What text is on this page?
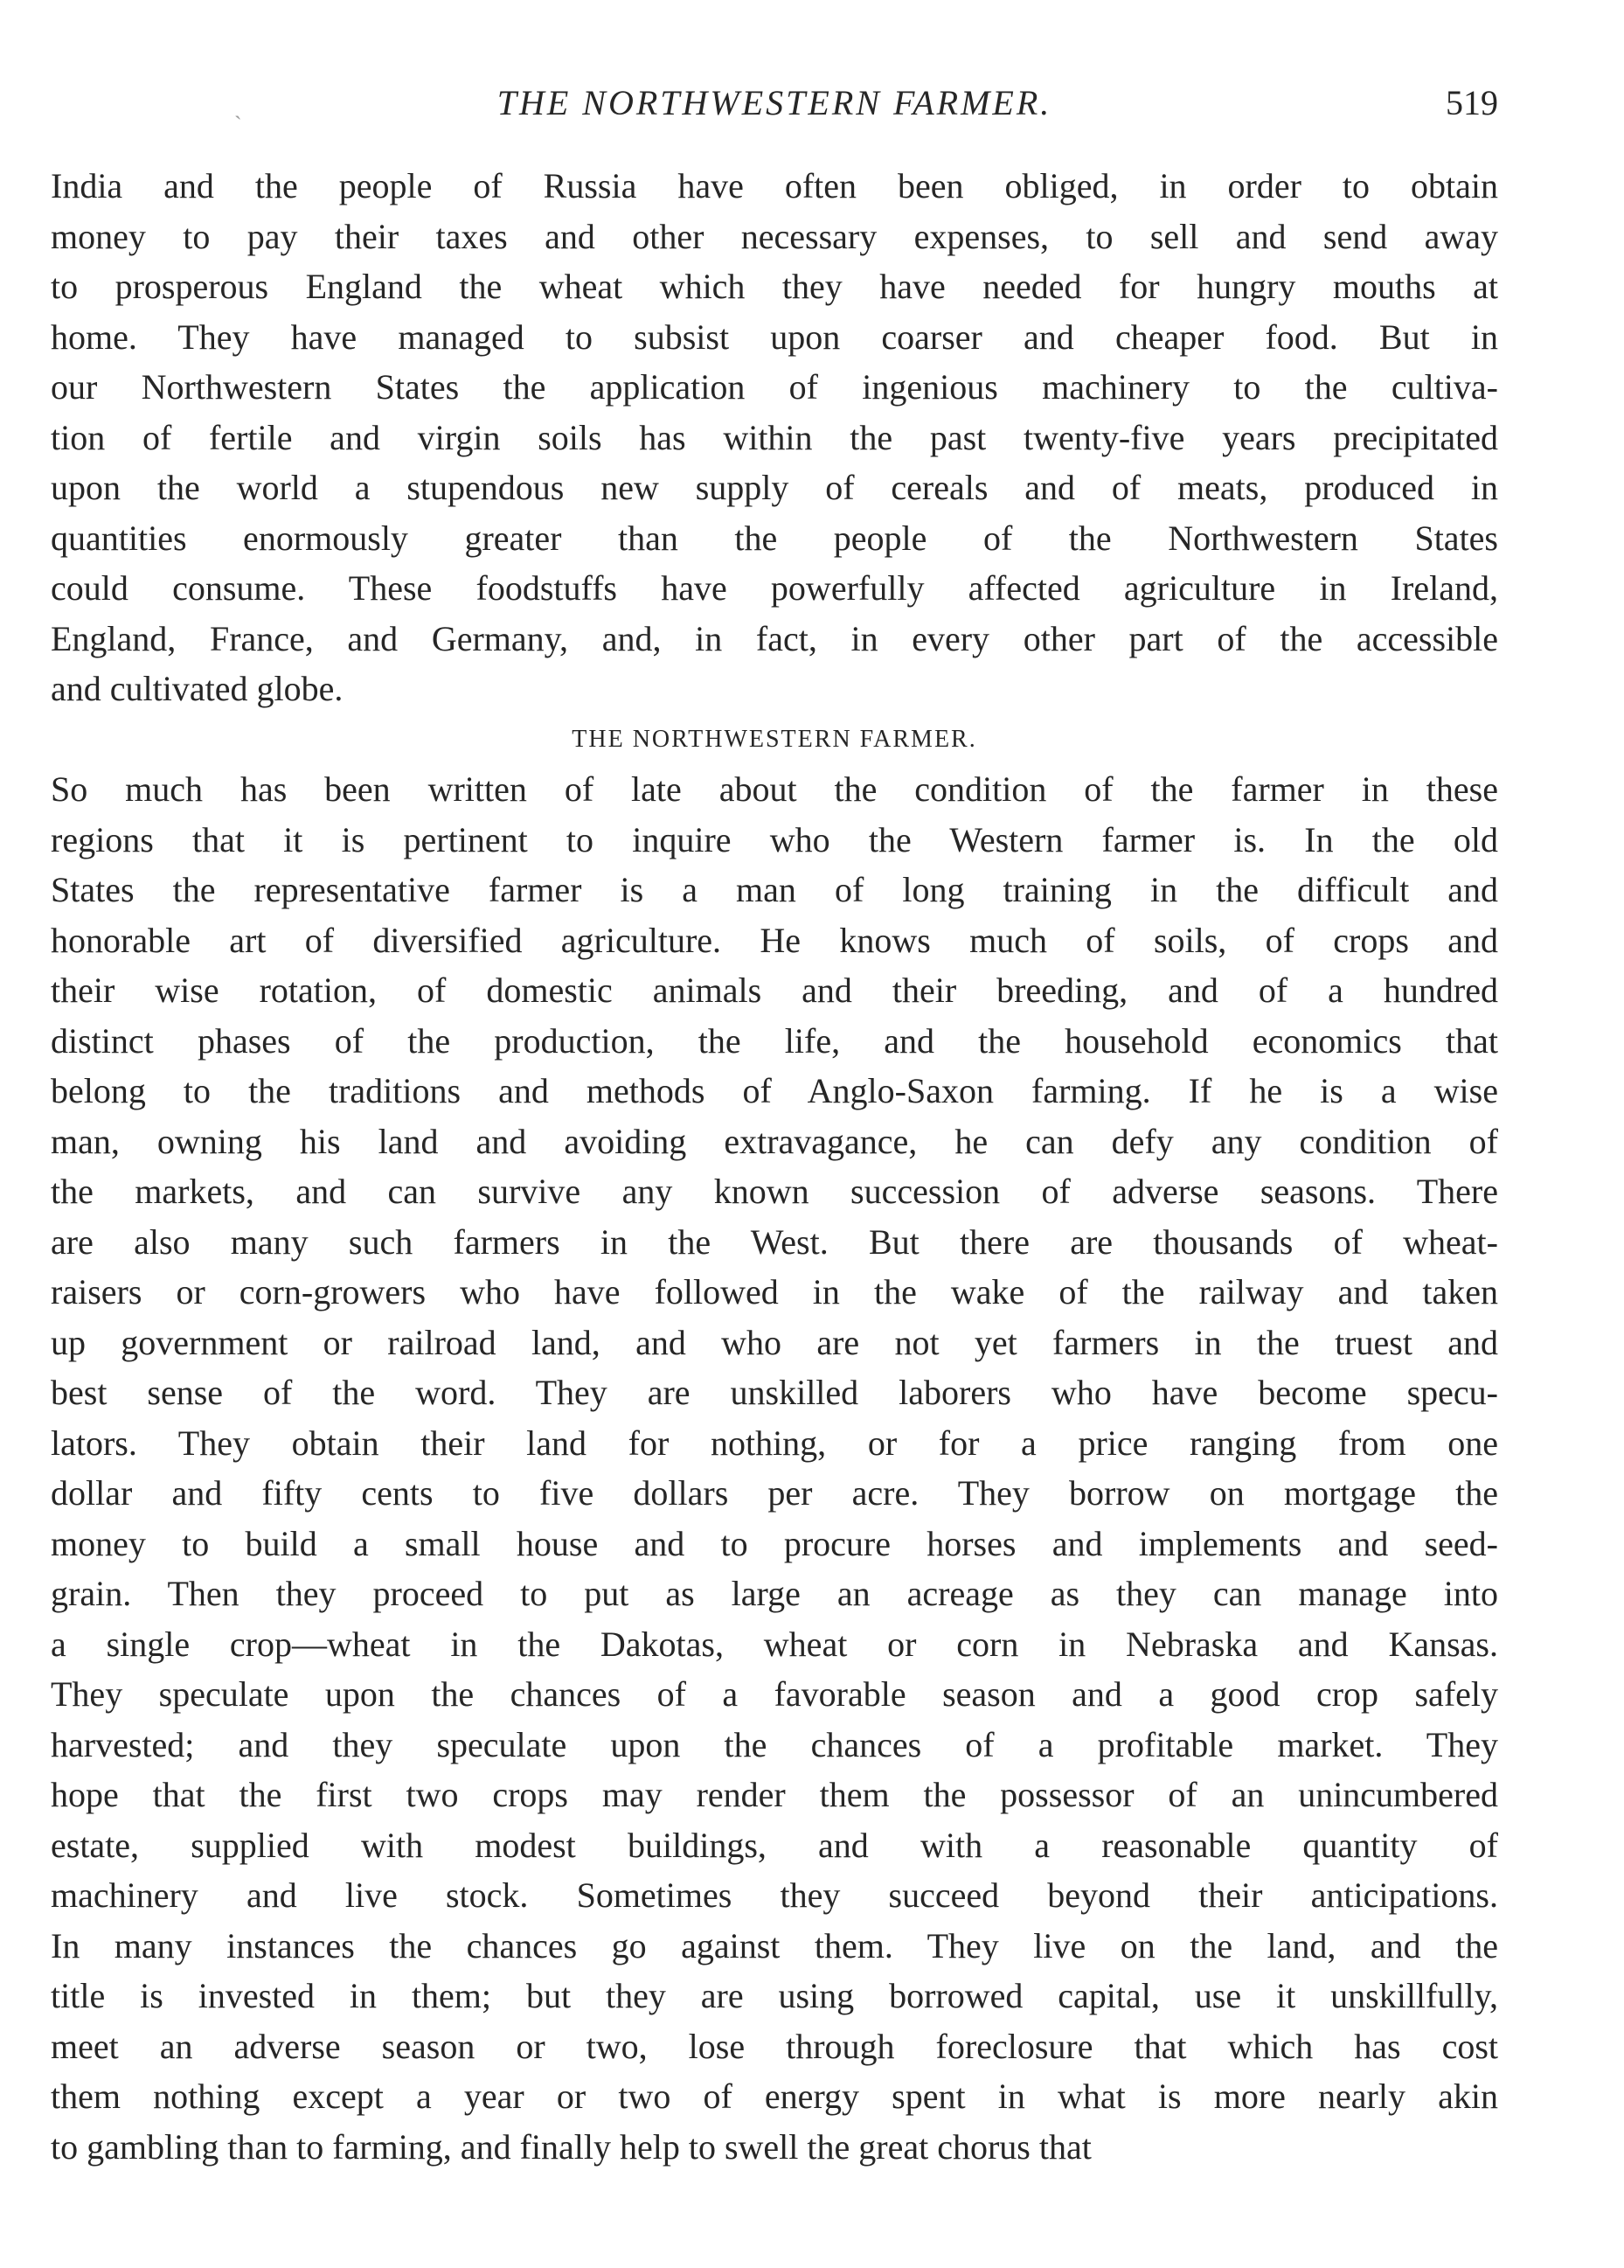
THE NORTHWESTERN FARMER.	519
ˎ
India and the people of Russia have often been obliged, in order to obtain
money to pay their taxes and other necessary expenses, to sell and send away
to prosperous England the wheat which they have needed for hungry mouths at
home. They have managed to subsist upon coarser and cheaper food. But in
our Northwestern States the application of ingenious machinery to the cultiva-
tion of fertile and virgin soils has within the past twenty-five years precipitated
upon the world a stupendous new supply of cereals and of meats, produced in
quantities enormously greater than the people of the Northwestern States
could consume. These foodstuffs have powerfully affected agriculture in Ireland,
England, France, and Germany, and, in fact, in every other part of the accessible
and cultivated globe.
THE NORTHWESTERN FARMER.
So much has been written of late about the condition of the farmer in these
regions that it is pertinent to inquire who the Western farmer is. In the old
States the representative farmer is a man of long training in the difficult and
honorable art of diversified agriculture. He knows much of soils, of crops and
their wise rotation, of domestic animals and their breeding, and of a hundred
distinct phases of the production, the life, and the household economics that
belong to the traditions and methods of Anglo-Saxon farming. If he is a wise
man, owning his land and avoiding extravagance, he can defy any condition of
the markets, and can survive any known succession of adverse seasons. There
are also many such farmers in the West. But there are thousands of wheat-
raisers or corn-growers who have followed in the wake of the railway and taken
up government or railroad land, and who are not yet farmers in the truest and
best sense of the word. They are unskilled laborers who have become specu-
lators. They obtain their land for nothing, or for a price ranging from one
dollar and fifty cents to five dollars per acre. They borrow on mortgage the
money to build a small house and to procure horses and implements and seed-
grain. Then they proceed to put as large an acreage as they can manage into
a single crop—wheat in the Dakotas, wheat or corn in Nebraska and Kansas.
They speculate upon the chances of a favorable season and a good crop safely
harvested; and they speculate upon the chances of a profitable market. They
hope that the first two crops may render them the possessor of an unincumbered
estate, supplied with modest buildings, and with a reasonable quantity of
machinery and live stock. Sometimes they succeed beyond their anticipations.
In many instances the chances go against them. They live on the land, and the
title is invested in them; but they are using borrowed capital, use it unskillfully,
meet an adverse season or two, lose through foreclosure that which has cost
them nothing except a year or two of energy spent in what is more nearly akin
to gambling than to farming, and finally help to swell the great chorus that
